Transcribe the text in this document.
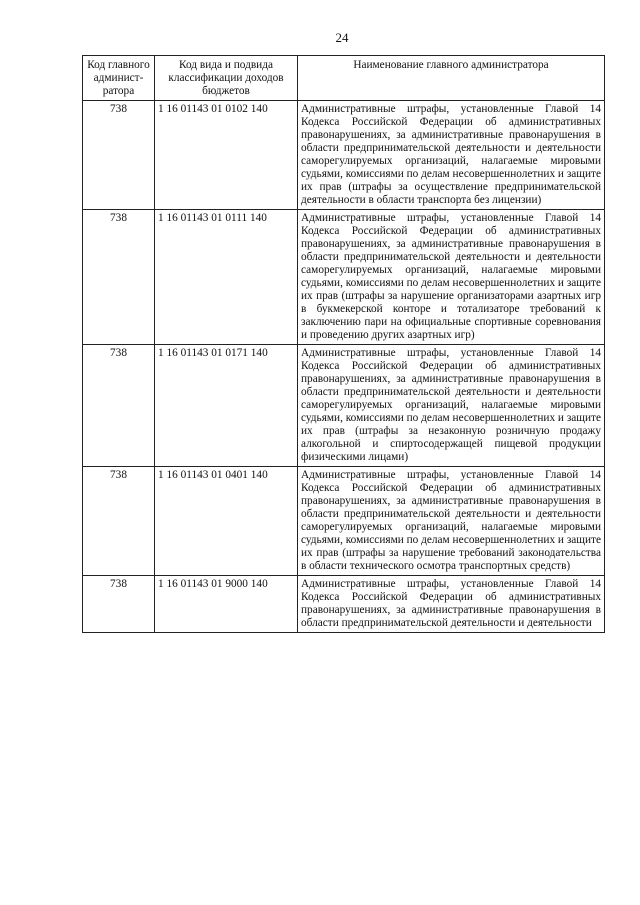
24
Код главного админист-ратора	Код вида и подвида классификации доходов бюджетов	Наименование главного администратора
738	1 16 01143 01 0102 140	Административные штрафы, установленные Главой 14 Кодекса Российской Федерации об административных правонарушениях, за административные правонарушения в области предпринимательской деятельности и деятельности саморегулируемых организаций, налагаемые мировыми судьями, комиссиями по делам несовершеннолетних и защите их прав (штрафы за осуществление предпринимательской деятельности в области транспорта без лицензии)
738	1 16 01143 01 0111 140	Административные штрафы, установленные Главой 14 Кодекса Российской Федерации об административных правонарушениях, за административные правонарушения в области предпринимательской деятельности и деятельности саморегулируемых организаций, налагаемые мировыми судьями, комиссиями по делам несовершеннолетних и защите их прав (штрафы за нарушение организаторами азартных игр в букмекерской конторе и тотализаторе требований к заключению пари на официальные спортивные соревнования и проведению других азартных игр)
738	1 16 01143 01 0171 140	Административные штрафы, установленные Главой 14 Кодекса Российской Федерации об административных правонарушениях, за административные правонарушения в области предпринимательской деятельности и деятельности саморегулируемых организаций, налагаемые мировыми судьями, комиссиями по делам несовершеннолетних и защите их прав (штрафы за незаконную розничную продажу алкогольной и спиртосодержащей пищевой продукции физическими лицами)
738	1 16 01143 01 0401 140	Административные штрафы, установленные Главой 14 Кодекса Российской Федерации об административных правонарушениях, за административные правонарушения в области предпринимательской деятельности и деятельности саморегулируемых организаций, налагаемые мировыми судьями, комиссиями по делам несовершеннолетних и защите их прав (штрафы за нарушение требований законодательства в области технического осмотра транспортных средств)
738	1 16 01143 01 9000 140	Административные штрафы, установленные Главой 14 Кодекса Российской Федерации об административных правонарушениях, за административные правонарушения в области предпринимательской деятельности и деятельности
